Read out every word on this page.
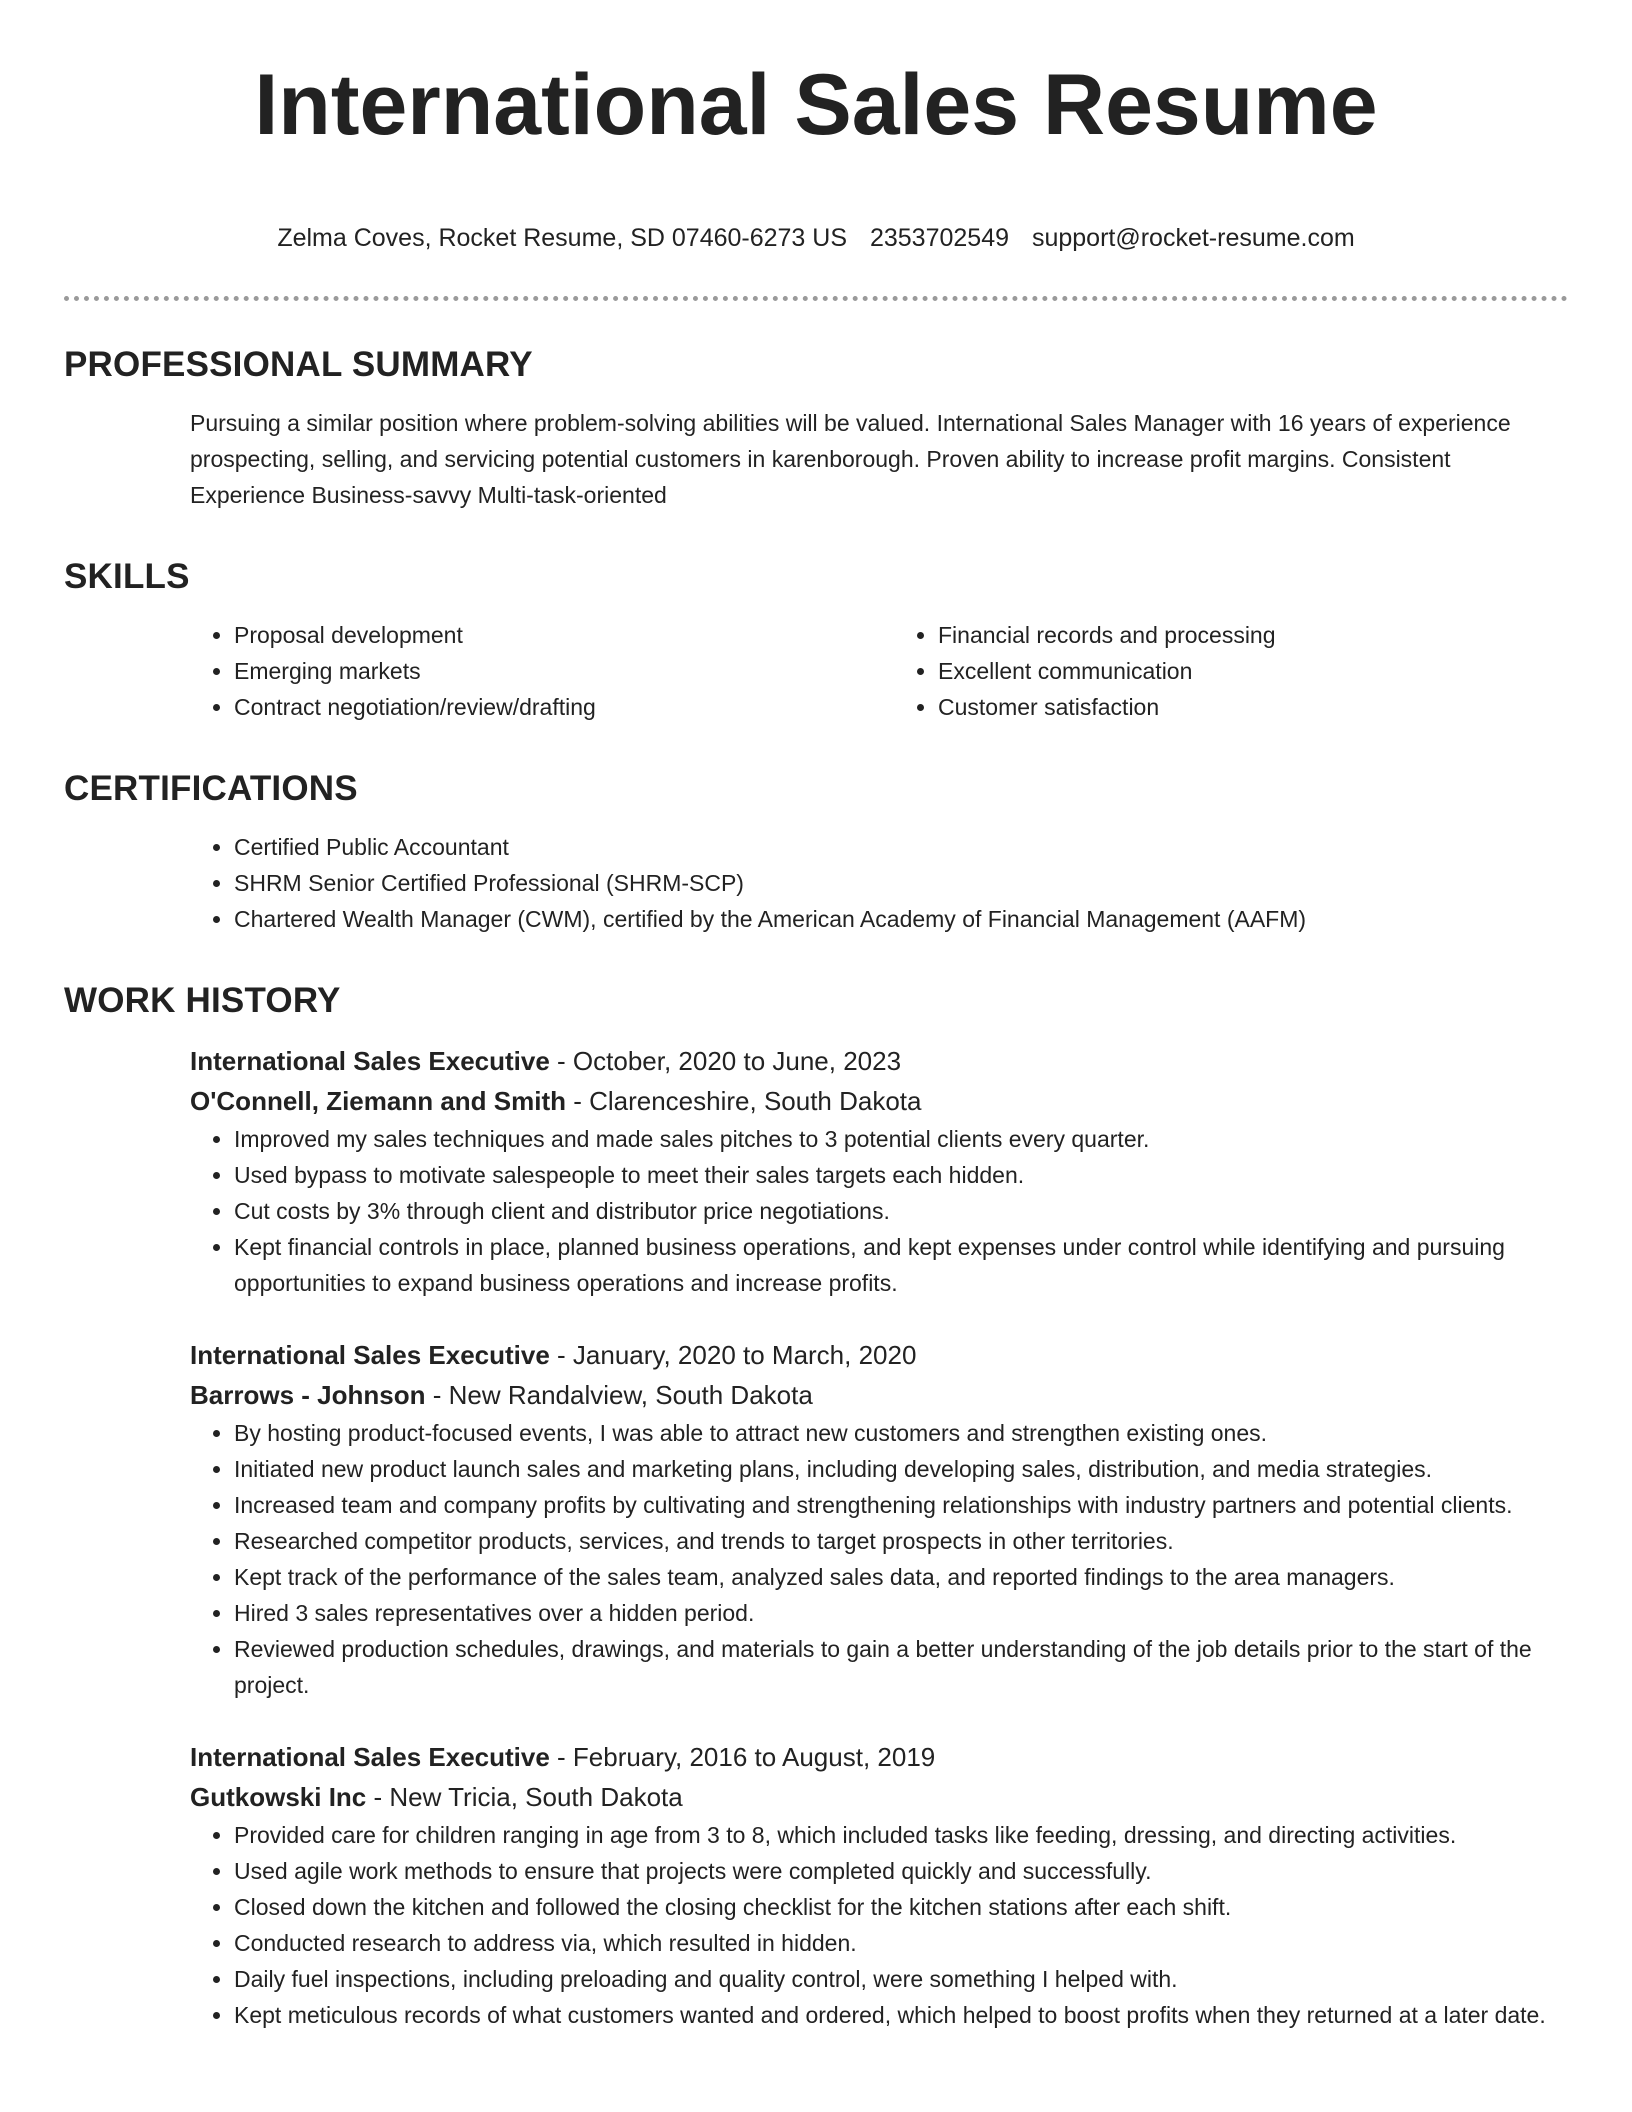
International Sales Resume
Zelma Coves, Rocket Resume, SD 07460-6273 US 2353702549 support@rocket-resume.com
PROFESSIONAL SUMMARY

Pursuing a similar position where problem-solving abilities will be valued. International Sales Manager with 16 years of experience prospecting, selling, and servicing potential customers in karenborough. Proven ability to increase profit margins. Consistent Experience Business-savvy Multi-task-oriented

SKILLS
• Proposal development
• Emerging markets
• Contract negotiation/review/drafting
• Financial records and processing
• Excellent communication
• Customer satisfaction
CERTIFICATIONS
• Certified Public Accountant
• SHRM Senior Certified Professional (SHRM-SCP)
• Chartered Wealth Manager (CWM), certified by the American Academy of Financial Management (AAFM)
WORK HISTORY
International Sales Executive - October, 2020 to June, 2023
O'Connell, Ziemann and Smith - Clarenceshire, South Dakota
• Improved my sales techniques and made sales pitches to 3 potential clients every quarter.
• Used bypass to motivate salespeople to meet their sales targets each hidden.
• Cut costs by 3% through client and distributor price negotiations.
• Kept financial controls in place, planned business operations, and kept expenses under control while identifying and pursuing opportunities to expand business operations and increase profits.
International Sales Executive - January, 2020 to March, 2020
Barrows - Johnson - New Randalview, South Dakota
• By hosting product-focused events, I was able to attract new customers and strengthen existing ones.
• Initiated new product launch sales and marketing plans, including developing sales, distribution, and media strategies.
• Increased team and company profits by cultivating and strengthening relationships with industry partners and potential clients.
• Researched competitor products, services, and trends to target prospects in other territories.
• Kept track of the performance of the sales team, analyzed sales data, and reported findings to the area managers.
• Hired 3 sales representatives over a hidden period.
• Reviewed production schedules, drawings, and materials to gain a better understanding of the job details prior to the start of the project.
International Sales Executive - February, 2016 to August, 2019
Gutkowski Inc - New Tricia, South Dakota
• Provided care for children ranging in age from 3 to 8, which included tasks like feeding, dressing, and directing activities.
• Used agile work methods to ensure that projects were completed quickly and successfully.
• Closed down the kitchen and followed the closing checklist for the kitchen stations after each shift.
• Conducted research to address via, which resulted in hidden.
• Daily fuel inspections, including preloading and quality control, were something I helped with.
• Kept meticulous records of what customers wanted and ordered, which helped to boost profits when they returned at a later date.
